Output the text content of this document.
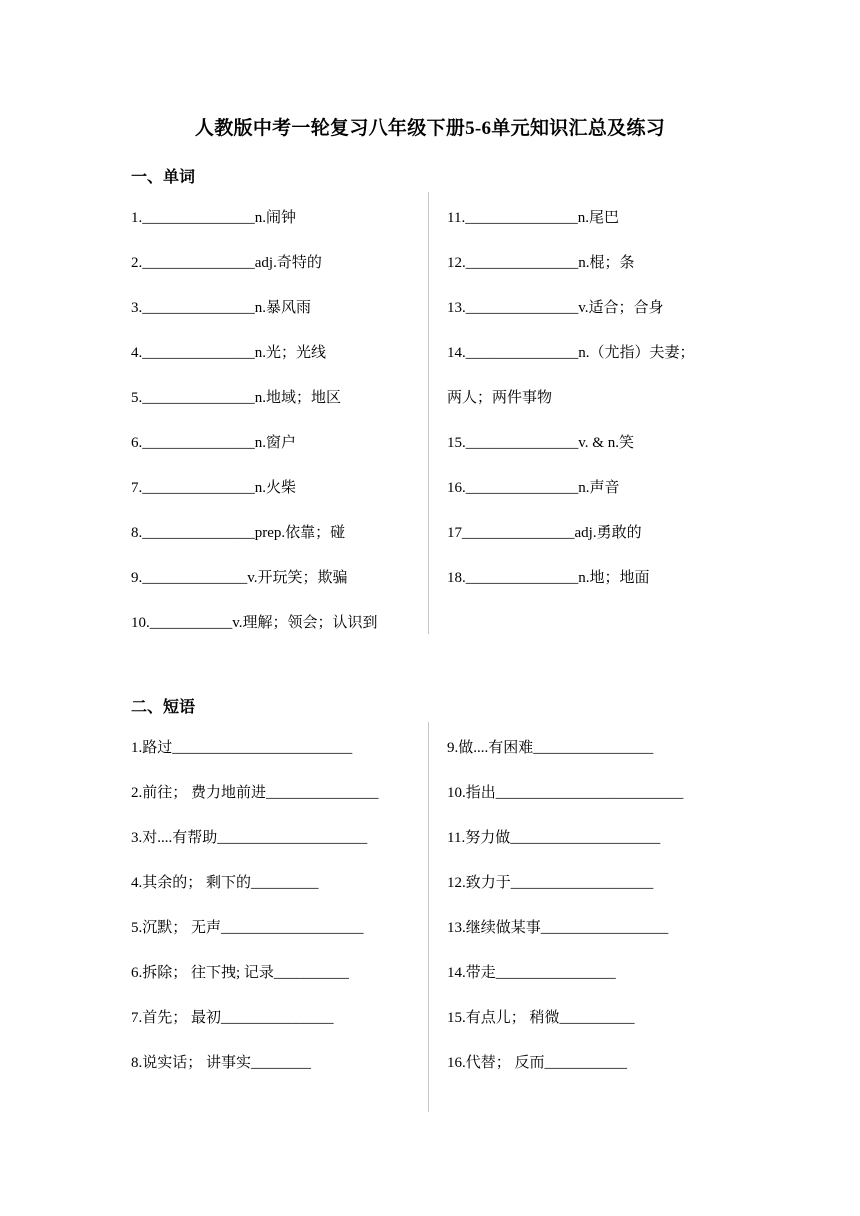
人教版中考一轮复习八年级下册5-6单元知识汇总及练习
一、单词
1._______________n.闹钟
2._______________adj.奇特的
3._______________n.暴风雨
4._______________n.光；光线
5._______________n.地域；地区
6._______________n.窗户
7._______________n.火柴
8._______________prep.依靠；碰
9.______________v.开玩笑；欺骗
10.___________v.理解；领会；认识到
11._______________n.尾巴
12._______________n.棍；条
13._______________v.适合；合身
14._______________n.（尤指）夫妻；
两人；两件事物
15._______________v. & n.笑
16._______________n.声音
17_______________adj.勇敢的
18._______________n.地；地面
二、短语
1.路过________________________
2.前往； 费力地前进_______________
3.对....有帮助____________________
4.其余的； 剩下的_________
5.沉默； 无声___________________
6.拆除； 往下拽; 记录__________
7.首先； 最初_______________
8.说实话； 讲事实________
9.做....有困难________________
10.指出_________________________
11.努力做____________________
12.致力于___________________
13.继续做某事_________________
14.带走________________
15.有点儿； 稍微__________
16.代替； 反而___________
